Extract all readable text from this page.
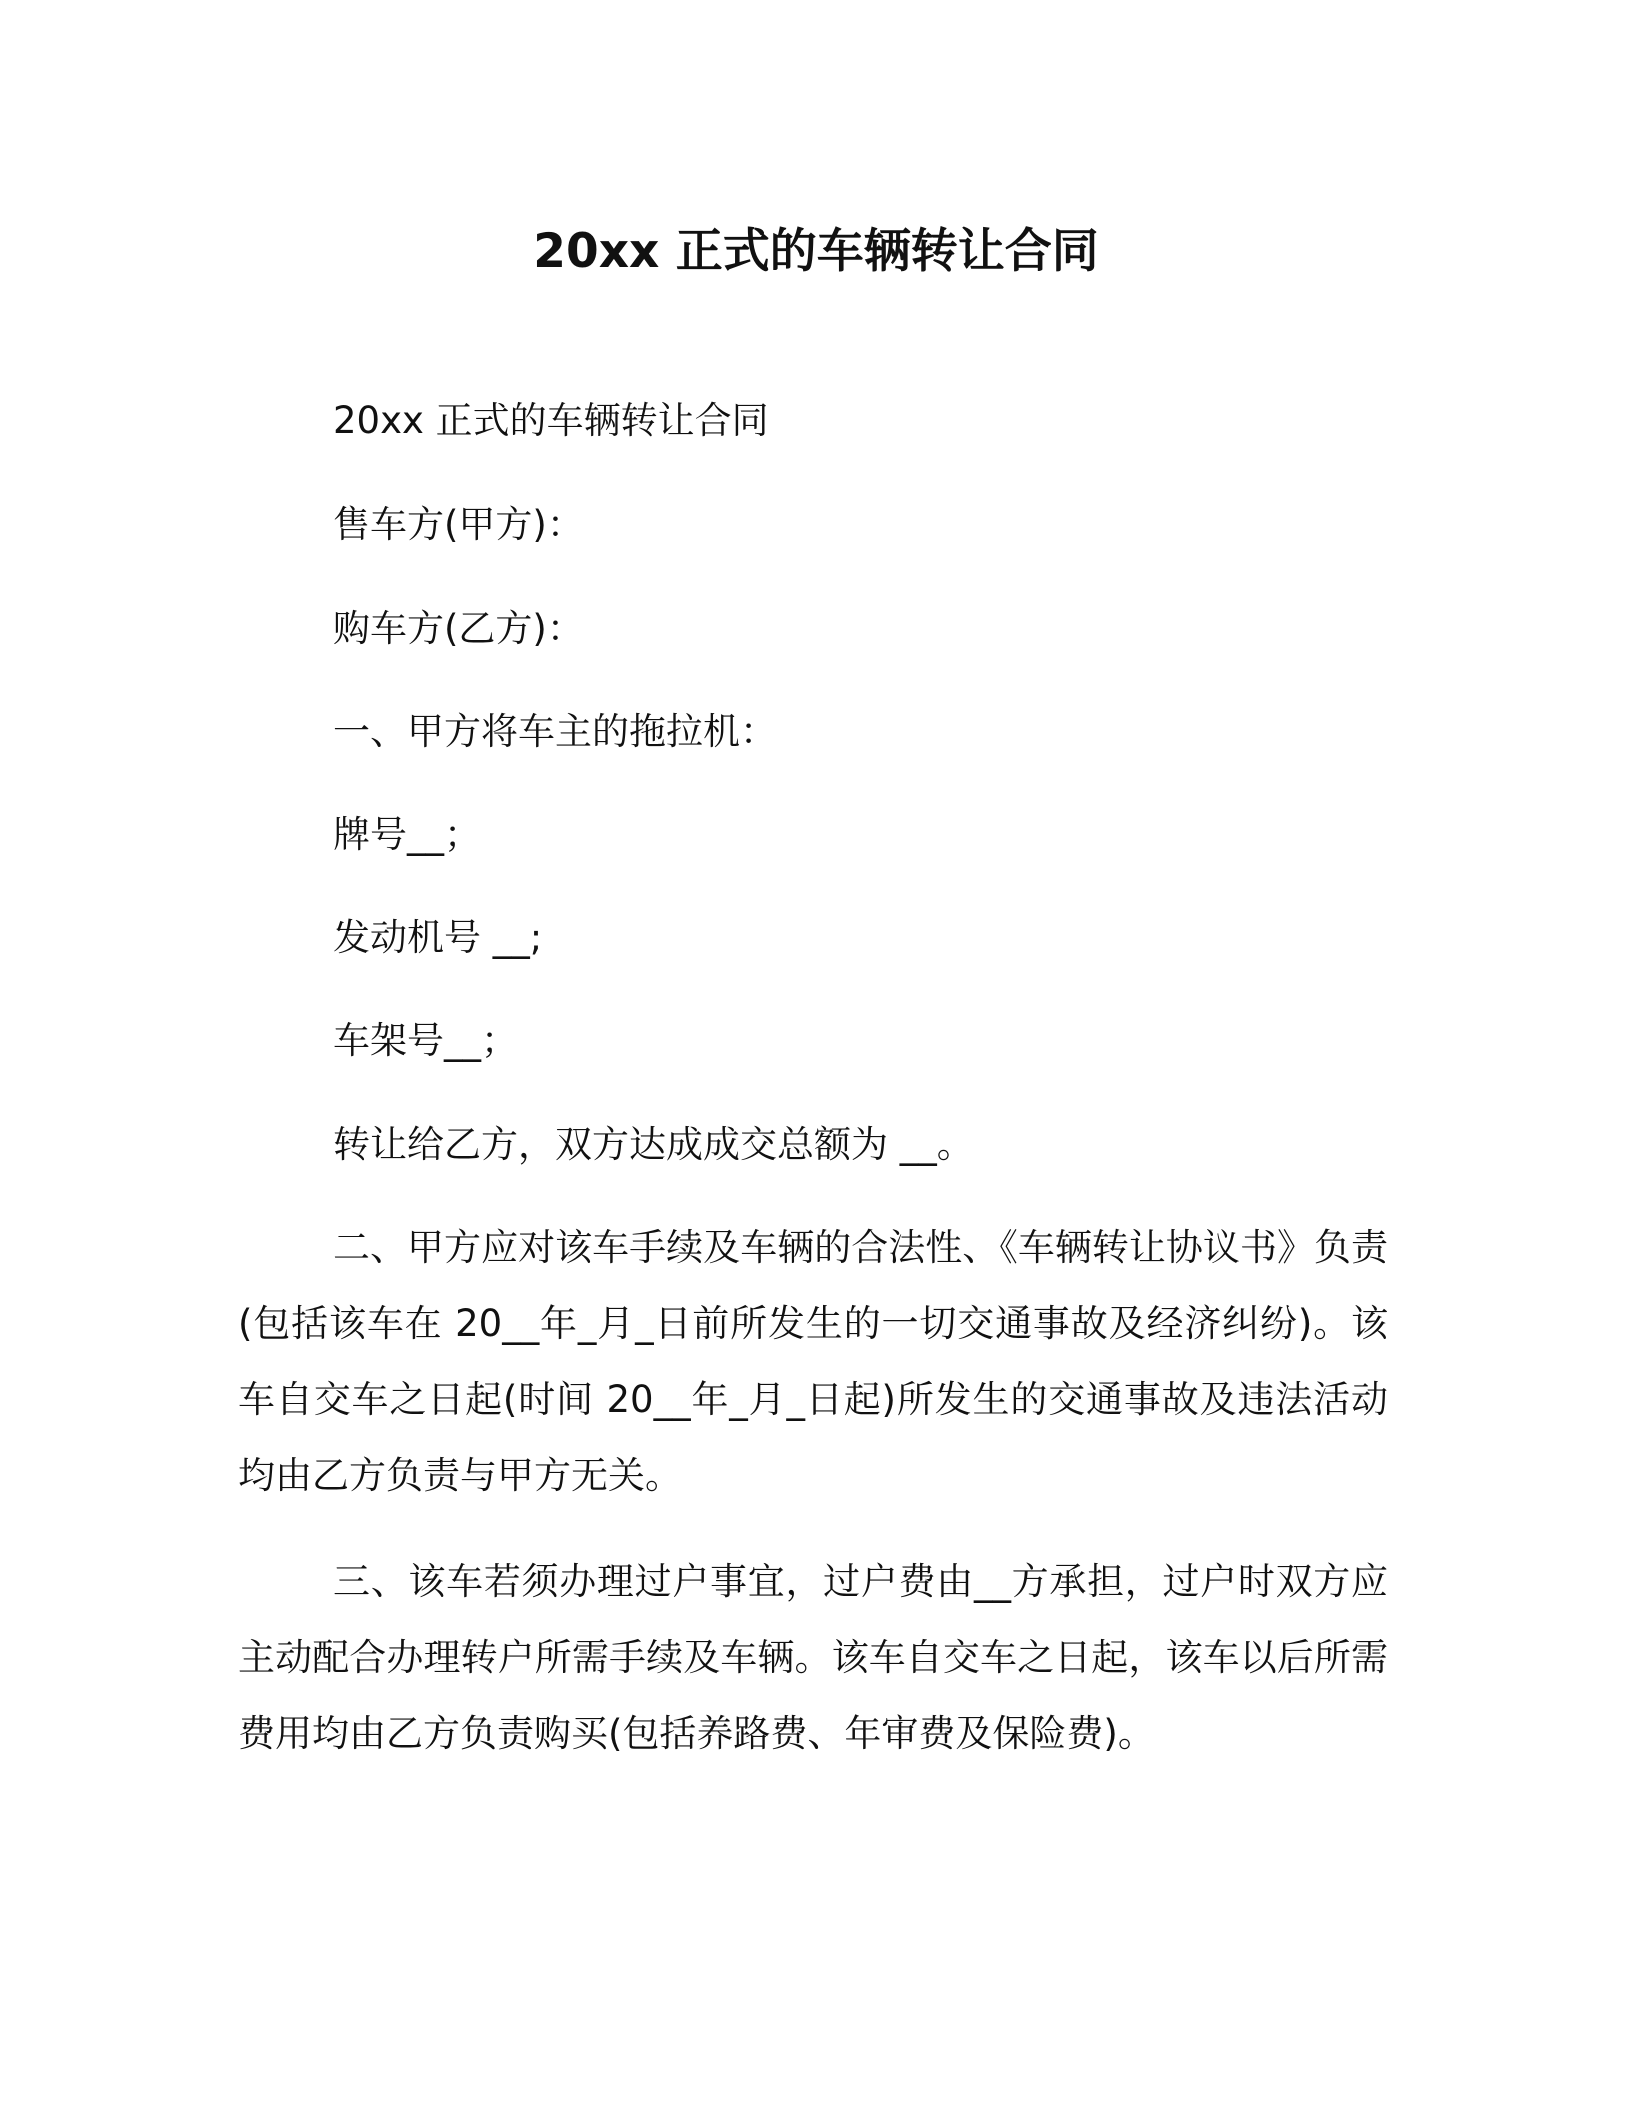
20xx 正式的车辆转让合同
20xx 正式的车辆转让合同
售车方(甲方)：
购车方(乙方)：
一、甲方将车主的拖拉机：
牌号__；
发动机号 __;
车架号__；
转让给乙方，双方达成成交总额为 __。

二、甲方应对该车手续及车辆的合法性、《车辆转让协议书》负责(包括该车在 20__年_月_日前所发生的一切交通事故及经济纠纷)。该车自交车之日起(时间 20__年_月_日起)所发生的交通事故及违法活动均由乙方负责与甲方无关。

三、该车若须办理过户事宜，过户费由__方承担，过户时双方应主动配合办理转户所需手续及车辆。该车自交车之日起，该车以后所需费用均由乙方负责购买(包括养路费、年审费及保险费)。
